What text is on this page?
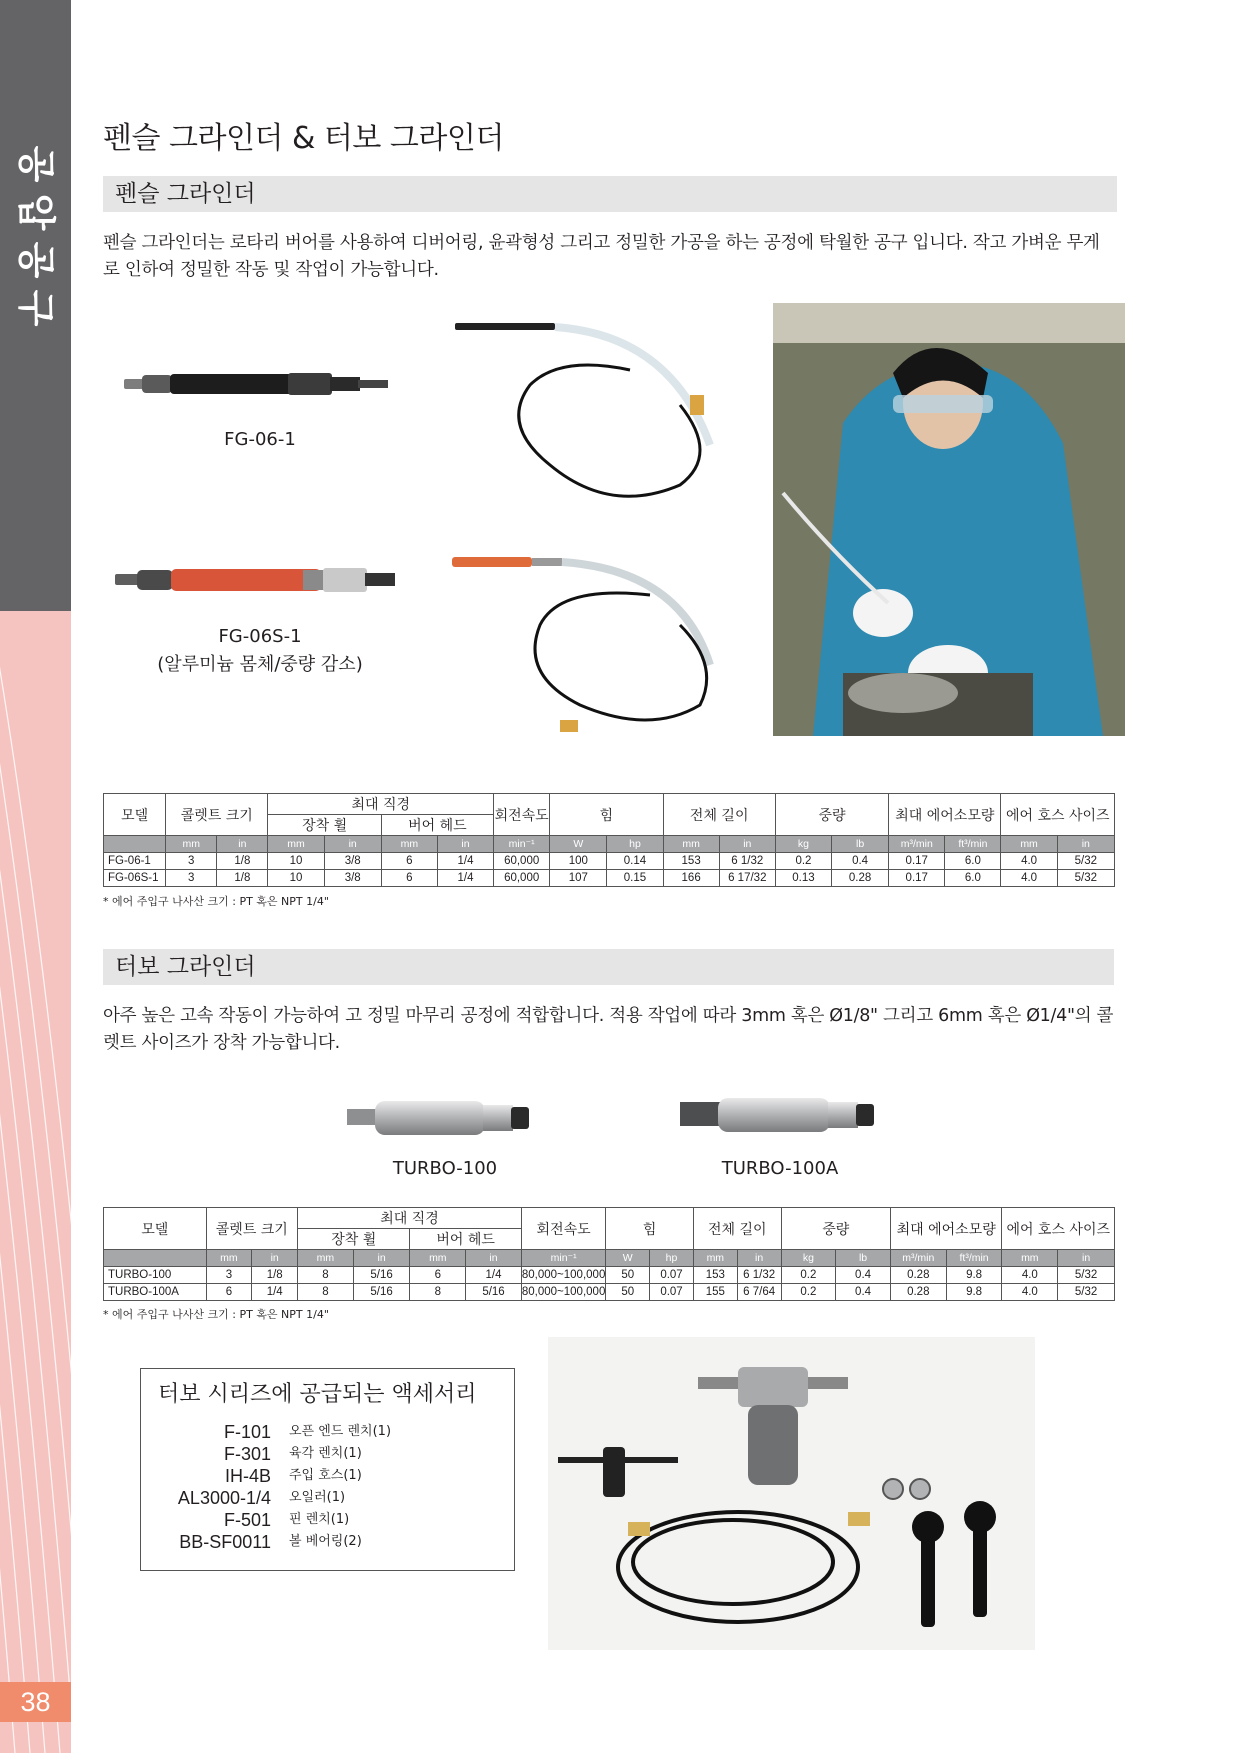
공
압
공
구
38
펜슬 그라인더 & 터보 그라인더
펜슬 그라인더
펜슬 그라인더는 로타리 버어를 사용하여 디버어링, 윤곽형성 그리고 정밀한 가공을 하는 공정에 탁월한 공구 입니다. 작고 가벼운 무게로 인하여 정밀한 작동 및 작업이 가능합니다.
FG-06-1
FG-06S-1
(알루미늄 몸체/중량 감소)
모델	콜렛트 크기		최대 직경				회전속도	힘		전체 길이		중량		최대 에어소모량		에어 호스 사이즈	
			장착 휠		버어 헤드												
	mm	in	mm	in	mm	in	min⁻¹	W	hp	mm	in	kg	lb	m³/min	ft³/min	mm	in
FG-06-1	3	1/8	10	3/8	6	1/4	60,000	100	0.14	153	6 1/32	0.2	0.4	0.17	6.0	4.0	5/32
FG-06S-1	3	1/8	10	3/8	6	1/4	60,000	107	0.15	166	6 17/32	0.13	0.28	0.17	6.0	4.0	5/32
* 에어 주입구 나사산 크기 : PT 혹은 NPT 1/4"
터보 그라인더
아주 높은 고속 작동이 가능하여 고 정밀 마무리 공정에 적합합니다. 적용 작업에 따라 3mm 혹은 Ø1/8" 그리고 6mm 혹은 Ø1/4"의 콜렛트 사이즈가 장착 가능합니다.
TURBO-100	TURBO-100A
모델	콜렛트 크기		최대 직경				회전속도	힘		전체 길이		중량		최대 에어소모량		에어 호스 사이즈	
			장착 휠		버어 헤드												
	mm	in	mm	in	mm	in	min⁻¹	W	hp	mm	in	kg	lb	m³/min	ft³/min	mm	in
TURBO-100	3	1/8	8	5/16	6	1/4	80,000~100,000	50	0.07	153	6 1/32	0.2	0.4	0.28	9.8	4.0	5/32
TURBO-100A	6	1/4	8	5/16	8	5/16	80,000~100,000	50	0.07	155	6 7/64	0.2	0.4	0.28	9.8	4.0	5/32
* 에어 주입구 나사산 크기 : PT 혹은 NPT 1/4"
터보 시리즈에 공급되는 액세서리
F-101 오픈 엔드 렌치(1)
F-301 육각 렌치(1)
IH-4B 주입 호스(1)
AL3000-1/4 오일러(1)
F-501 핀 렌치(1)
BB-SF0011 볼 베어링(2)
